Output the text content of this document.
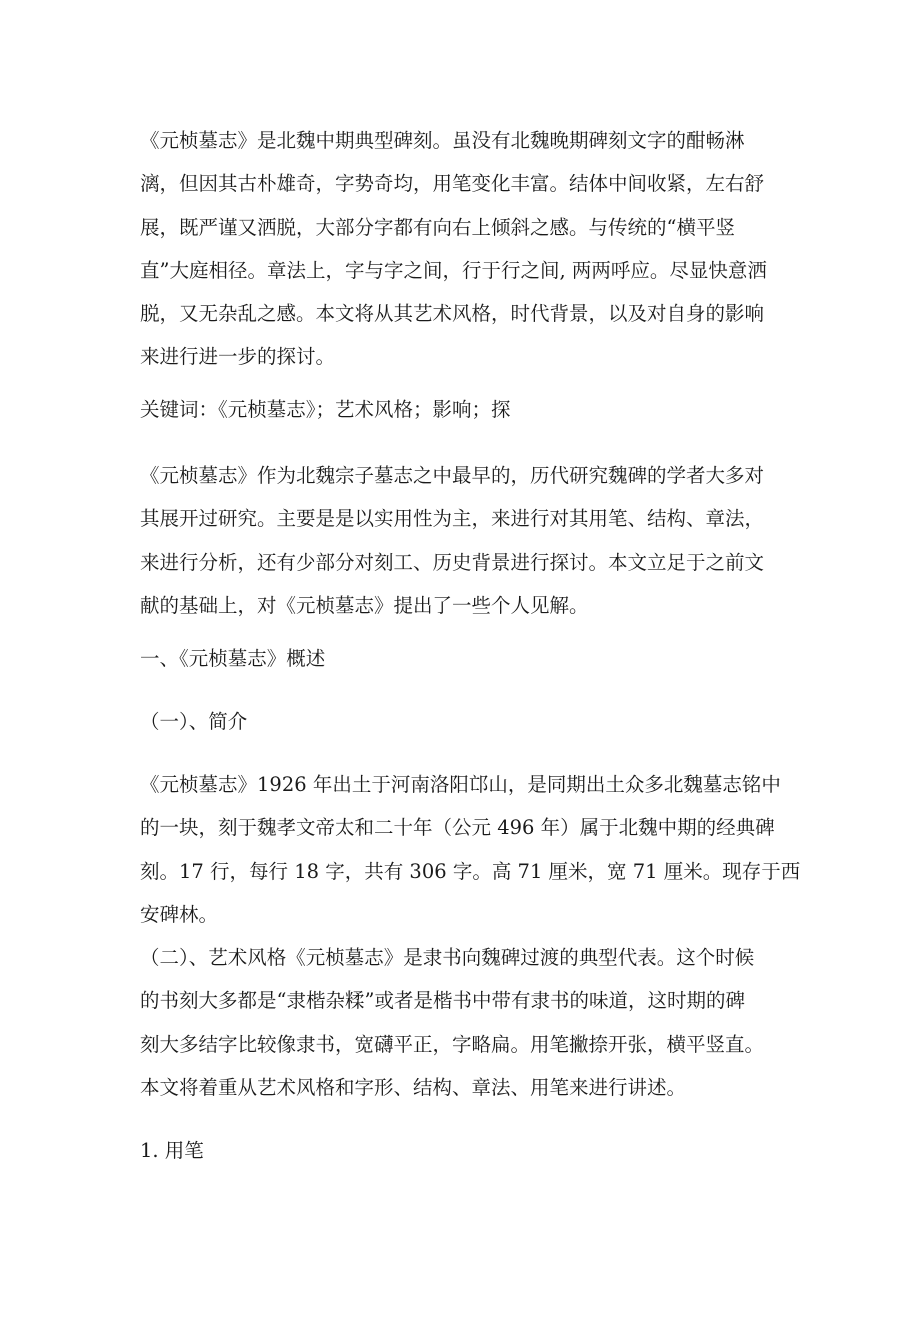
《元桢墓志》是北魏中期典型碑刻。虽没有北魏晚期碑刻文字的酣畅淋
漓，但因其古朴雄奇，字势奇均，用笔变化丰富。结体中间收紧，左右舒
展，既严谨又洒脱，大部分字都有向右上倾斜之感。与传统的“横平竖
直”大庭相径。章法上，字与字之间，行于行之间, 两两呼应。尽显快意洒
脱，又无杂乱之感。本文将从其艺术风格，时代背景，以及对自身的影响
来进行进一步的探讨。

关键词：《元桢墓志》；艺术风格；影响；探

《元桢墓志》作为北魏宗子墓志之中最早的，历代研究魏碑的学者大多对
其展开过研究。主要是是以实用性为主，来进行对其用笔、结构、章法，
来进行分析，还有少部分对刻工、历史背景进行探讨。本文立足于之前文
献的基础上，对《元桢墓志》提出了一些个人见解。

一、《元桢墓志》概述

（一）、简介

《元桢墓志》1926 年出土于河南洛阳邙山，是同期出土众多北魏墓志铭中
的一块，刻于魏孝文帝太和二十年（公元 496 年）属于北魏中期的经典碑
刻。17 行，每行 18 字，共有 306 字。高 71 厘米，宽 71 厘米。现存于西
安碑林。

（二）、艺术风格《元桢墓志》是隶书向魏碑过渡的典型代表。这个时候
的书刻大多都是“隶楷杂糅”或者是楷书中带有隶书的味道，这时期的碑
刻大多结字比较像隶书，宽礴平正，字略扁。用笔撇捺开张，横平竖直。
本文将着重从艺术风格和字形、结构、章法、用笔来进行讲述。

1. 用笔
